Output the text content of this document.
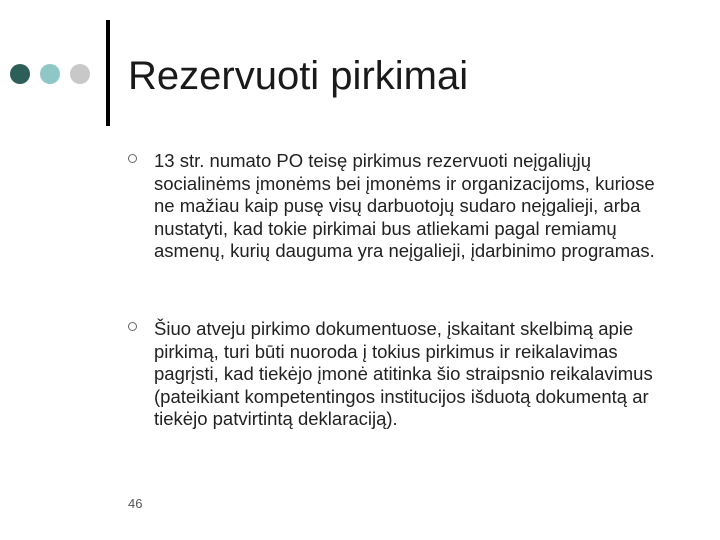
Rezervuoti pirkimai
13 str. numato PO teisę pirkimus rezervuoti neįgaliųjų socialinėms įmonėms bei įmonėms ir organizacijoms, kuriose ne mažiau kaip pusę visų darbuotojų sudaro neįgalieji, arba nustatyti, kad tokie pirkimai bus atliekami pagal remiamų asmenų, kurių dauguma yra neįgalieji, įdarbinimo programas.
Šiuo atveju pirkimo dokumentuose, įskaitant skelbimą apie pirkimą, turi būti nuoroda į tokius pirkimus ir reikalavimas pagrįsti, kad tiekėjo įmonė atitinka šio straipsnio reikalavimus (pateikiant kompetentingos institucijos išduotą dokumentą ar tiekėjo patvirtintą deklaraciją).
46
